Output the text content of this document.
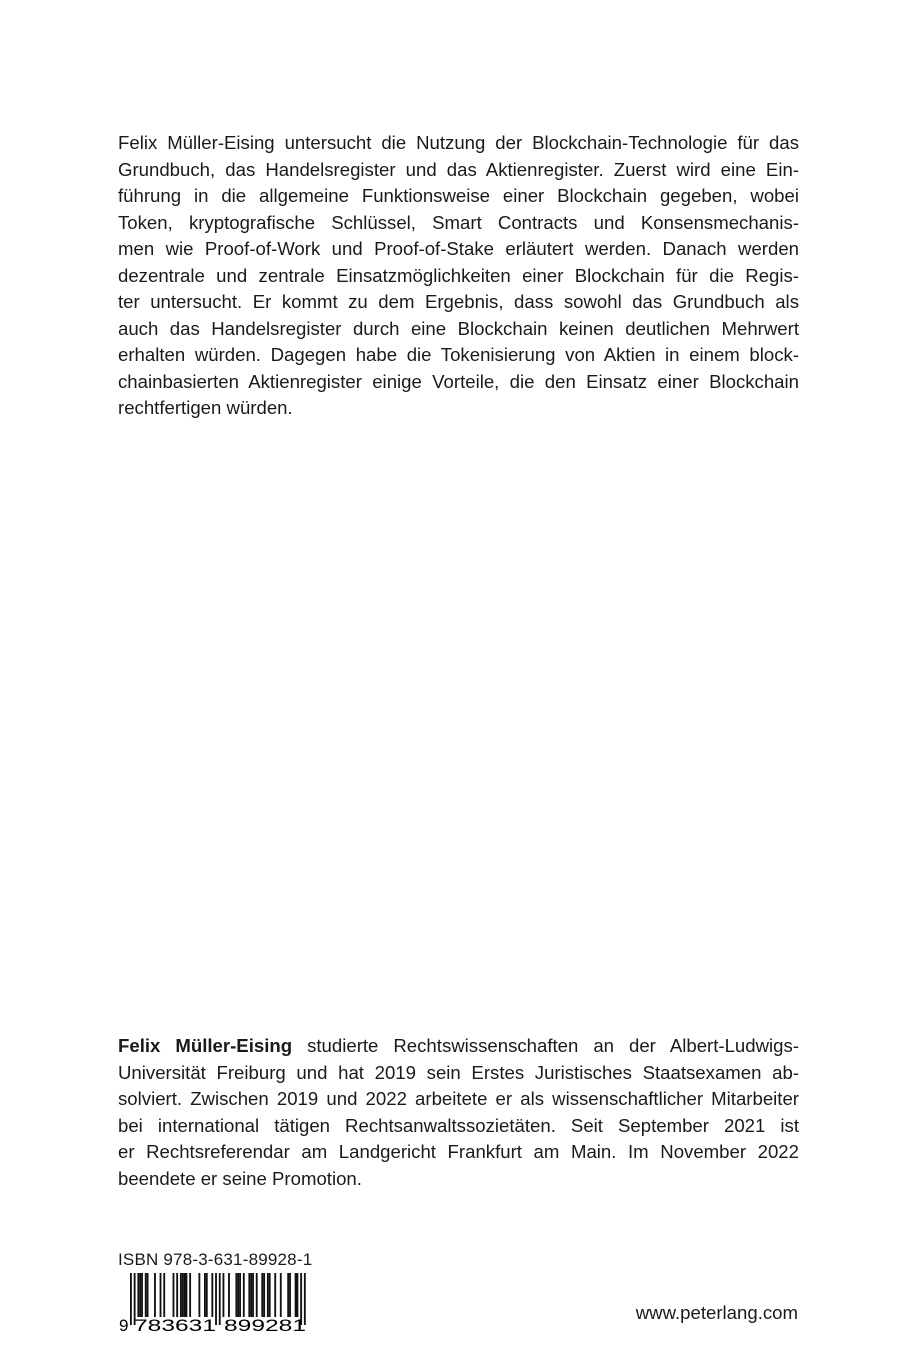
Felix Müller-Eising untersucht die Nutzung der Blockchain-Technologie für das
Grundbuch, das Handelsregister und das Aktienregister. Zuerst wird eine Ein-
führung in die allgemeine Funktionsweise einer Blockchain gegeben, wobei
Token, kryptografische Schlüssel, Smart Contracts und Konsensmechanis-
men wie Proof-of-Work und Proof-of-Stake erläutert werden. Danach werden
dezentrale und zentrale Einsatzmöglichkeiten einer Blockchain für die Regis-
ter untersucht. Er kommt zu dem Ergebnis, dass sowohl das Grundbuch als
auch das Handelsregister durch eine Blockchain keinen deutlichen Mehrwert
erhalten würden. Dagegen habe die Tokenisierung von Aktien in einem block-
chainbasierten Aktienregister einige Vorteile, die den Einsatz einer Blockchain
rechtfertigen würden.
Felix Müller-Eising studierte Rechtswissenschaften an der Albert-Ludwigs-
Universität Freiburg und hat 2019 sein Erstes Juristisches Staatsexamen ab-
solviert. Zwischen 2019 und 2022 arbeitete er als wissenschaftlicher Mitarbeiter
bei international tätigen Rechtsanwaltssozietäten. Seit September 2021 ist
er Rechtsreferendar am Landgericht Frankfurt am Main. Im November 2022
beendete er seine Promotion.
ISBN 978-3-631-89928-1
9 783631 899281
www.peterlang.com
